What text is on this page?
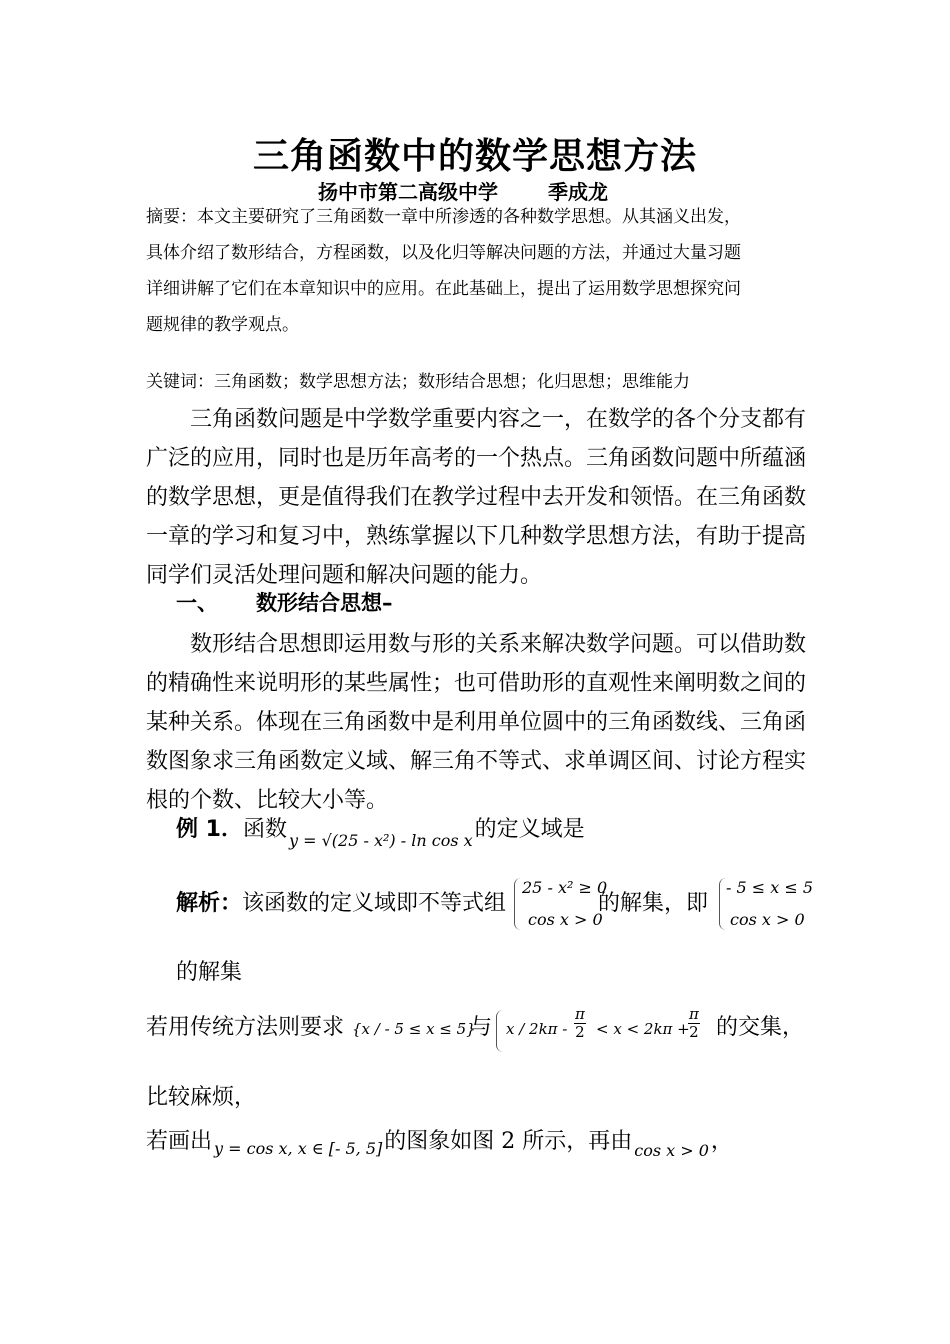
三角函数中的数学思想方法
扬中市第二高级中学	季成龙
摘要：本文主要研究了三角函数一章中所渗透的各种数学思想。从其涵义出发，
具体介绍了数形结合，方程函数，以及化归等解决问题的方法，并通过大量习题
详细讲解了它们在本章知识中的应用。在此基础上，提出了运用数学思想探究问
题规律的教学观点。
关键词：三角函数；数学思想方法；数形结合思想；化归思想；思维能力
　　三角函数问题是中学数学重要内容之一，在数学的各个分支都有
广泛的应用，同时也是历年高考的一个热点。三角函数问题中所蕴涵
的数学思想，更是值得我们在教学过程中去开发和领悟。在三角函数
一章的学习和复习中，熟练掌握以下几种数学思想方法，有助于提高
同学们灵活处理问题和解决问题的能力。
一、 数形结合思想–
　　数形结合思想即运用数与形的关系来解决数学问题。可以借助数
的精确性来说明形的某些属性；也可借助形的直观性来阐明数之间的
某种关系。体现在三角函数中是利用单位圆中的三角函数线、三角函
数图象求三角函数定义域、解三角不等式、求单调区间、讨论方程实
根的个数、比较大小等。
例 1．函数 $_{y = √(25 - x^2) - ln cos x}$的定义域是
解析：该函数的定义域即不等式组	的解集，即
25 - x² ≥ 0
cos x > 0
- 5 ≤ x ≤ 5
cos x > 0
的解集
若用传统方法则要求 {x / - 5 ≤ x ≤ 5}
与 $x / 2k\pi - \frac{\pi}{2} < x < 2k\pi$ +
$\frac{\pi}{2}$ 的交集，
比较麻烦，
若画出 $_{y = cos x, x \in [- 5, 5]}$的图象如图 2 所示，再由 $_{cos x > 0}$，
